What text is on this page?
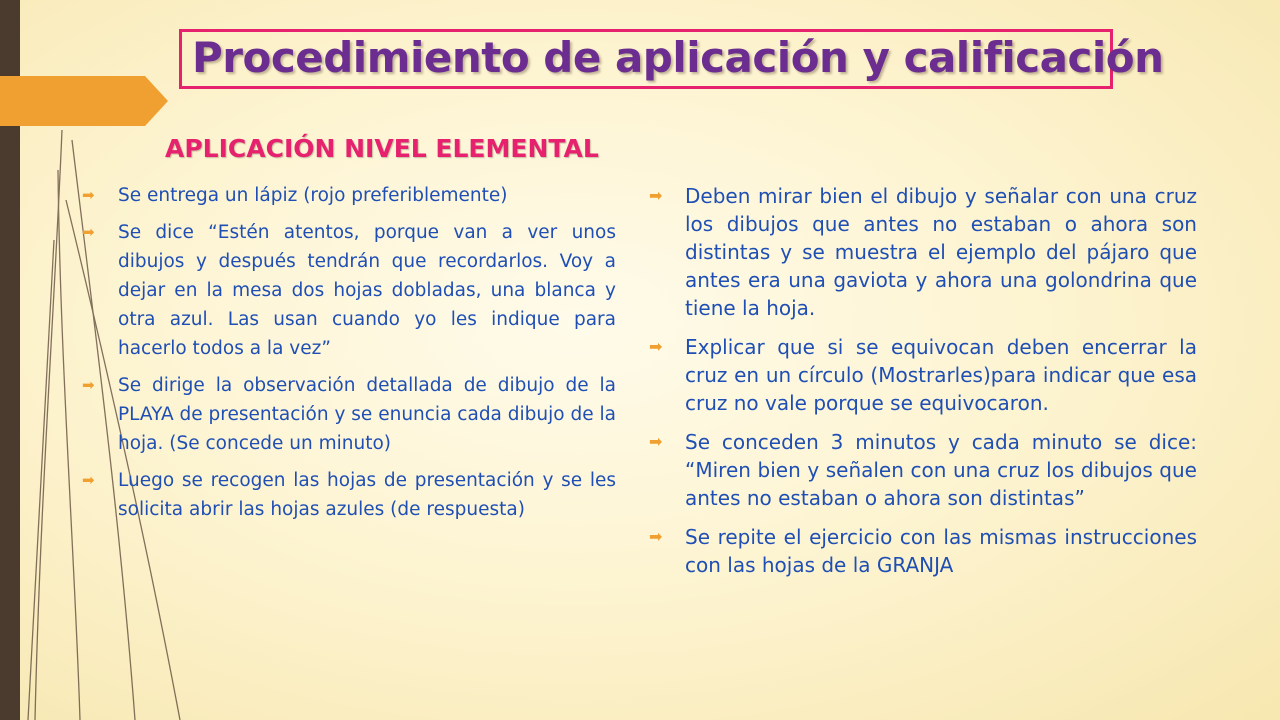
Procedimiento de aplicación y calificación
APLICACIÓN NIVEL ELEMENTAL
➡ Se entrega un lápiz (rojo preferiblemente)
➡ Se dice “Estén atentos, porque van a ver unos dibujos y después tendrán que recordarlos. Voy a dejar en la mesa dos hojas dobladas, una blanca y otra azul. Las usan cuando yo les indique para hacerlo todos a la vez”
➡ Se dirige la observación detallada de dibujo de la PLAYA de presentación y se enuncia cada dibujo de la hoja. (Se concede un minuto)
➡ Luego se recogen las hojas de presentación y se les solicita abrir las hojas azules (de respuesta)
➡ Deben mirar bien el dibujo y señalar con una cruz los dibujos que antes no estaban o ahora son distintas y se muestra el ejemplo del pájaro que antes era una gaviota y ahora una golondrina que tiene la hoja.
➡ Explicar que si se equivocan deben encerrar la cruz en un círculo (Mostrarles)para indicar que esa cruz no vale porque se equivocaron.
➡ Se conceden 3 minutos y cada minuto se dice: “Miren bien y señalen con una cruz los dibujos que antes no estaban o ahora son distintas”
➡ Se repite el ejercicio con las mismas instrucciones con las hojas de la GRANJA
